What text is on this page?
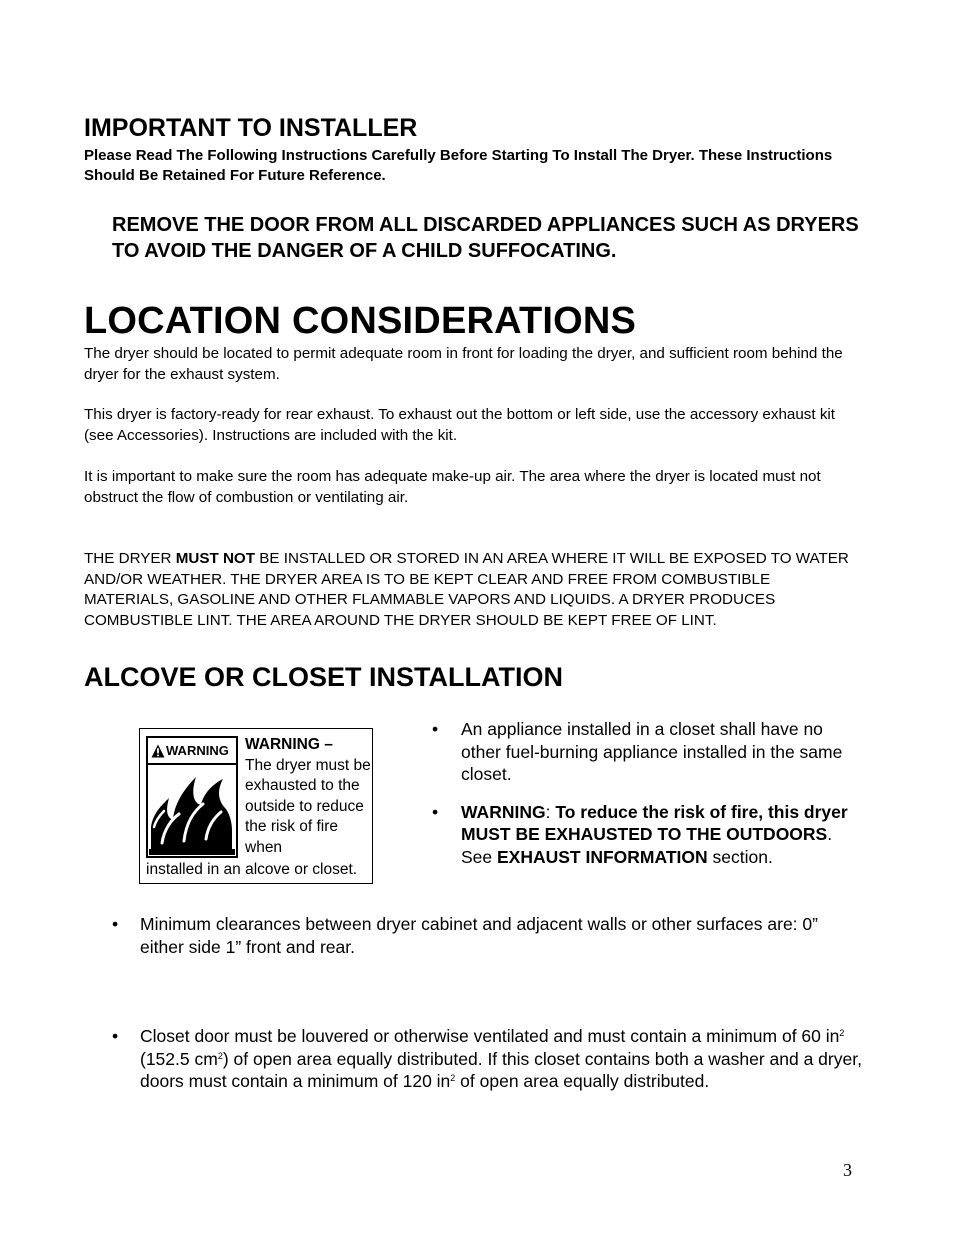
IMPORTANT TO INSTALLER

Please Read The Following Instructions Carefully Before Starting To Install The Dryer. These Instructions Should Be Retained For Future Reference.

REMOVE THE DOOR FROM ALL DISCARDED APPLIANCES SUCH AS DRYERS TO AVOID THE DANGER OF A CHILD SUFFOCATING.

LOCATION CONSIDERATIONS

The dryer should be located to permit adequate room in front for loading the dryer, and sufficient room behind the dryer for the exhaust system.

This dryer is factory-ready for rear exhaust. To exhaust out the bottom or left side, use the accessory exhaust kit (see Accessories). Instructions are included with the kit.

It is important to make sure the room has adequate make-up air. The area where the dryer is located must not obstruct the flow of combustion or ventilating air.

THE DRYER MUST NOT BE INSTALLED OR STORED IN AN AREA WHERE IT WILL BE EXPOSED TO WATER AND/OR WEATHER. THE DRYER AREA IS TO BE KEPT CLEAR AND FREE FROM COMBUSTIBLE MATERIALS, GASOLINE AND OTHER FLAMMABLE VAPORS AND LIQUIDS. A DRYER PRODUCES COMBUSTIBLE LINT. THE AREA AROUND THE DRYER SHOULD BE KEPT FREE OF LINT.

ALCOVE OR CLOSET INSTALLATION
WARNING WARNING –
The dryer must be exhausted to the outside to reduce the risk of fire when
installed in an alcove or closet.
• An appliance installed in a closet shall have no other fuel-burning appliance installed in the same closet.
• WARNING: To reduce the risk of fire, this dryer MUST BE EXHAUSTED TO THE OUTDOORS. See EXHAUST INFORMATION section.
• Minimum clearances between dryer cabinet and adjacent walls or other surfaces are: 0” either side 1” front and rear.
• Closet door must be louvered or otherwise ventilated and must contain a minimum of 60 $in^2$ (152.5 $cm^2$) of open area equally distributed. If this closet contains both a washer and a dryer, doors must contain a minimum of 120 $in^2$ of open area equally distributed.
3
